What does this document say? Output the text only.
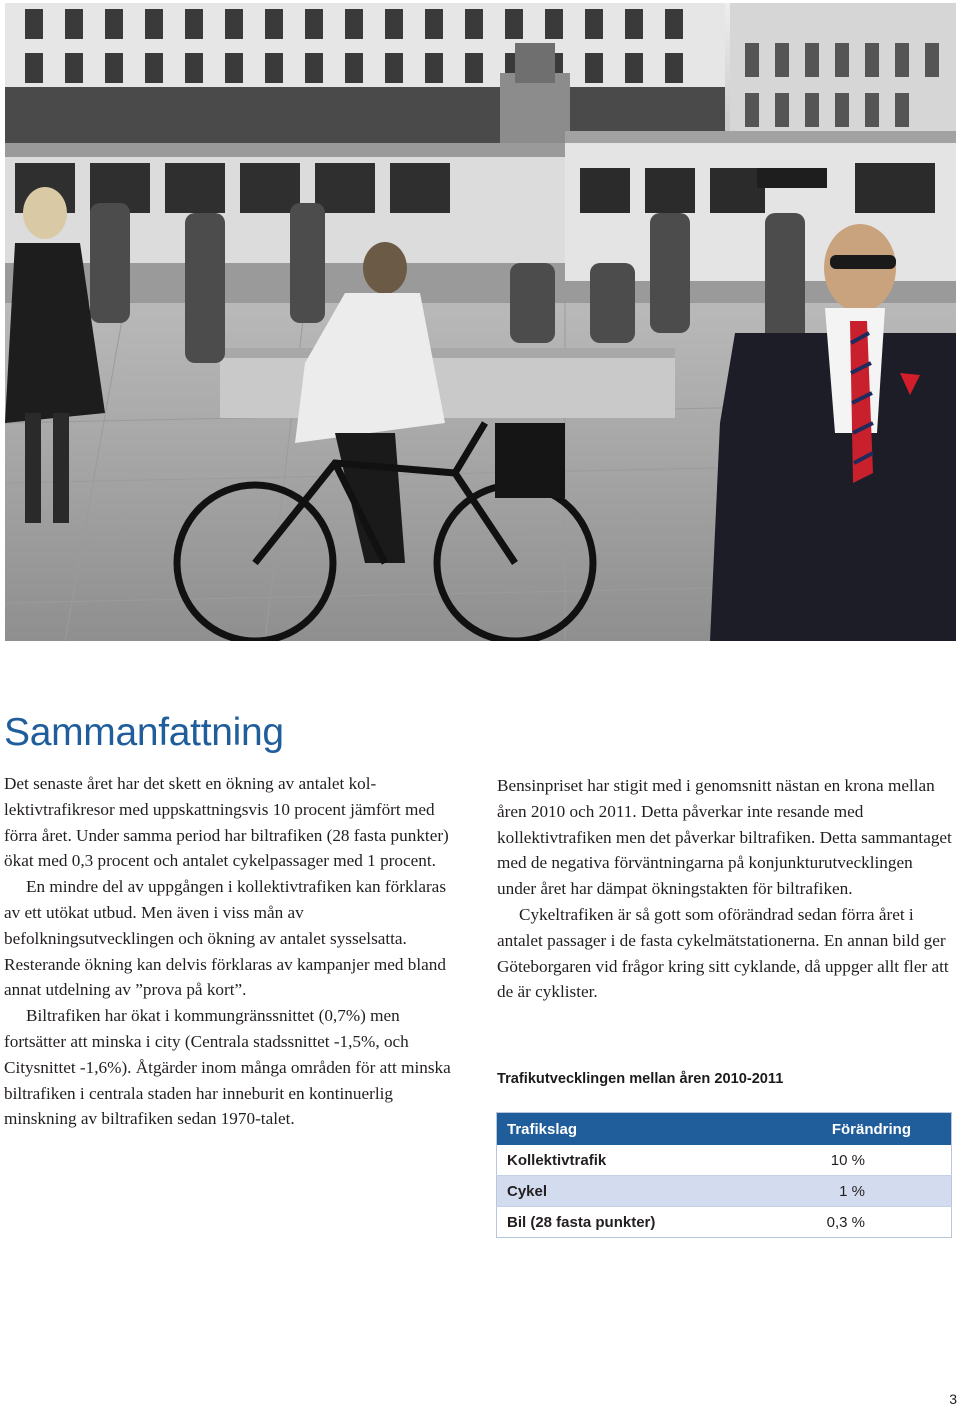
Sammanfattning

Det senaste året har det skett en ökning av antalet kollektivtrafikresor med uppskattningsvis 10 procent jämfört med förra året. Under samma period har biltrafiken (28 fasta punkter) ökat med 0,3 procent och antalet cykelpassager med 1 procent.

En mindre del av uppgången i kollektivtrafiken kan förklaras av ett utökat utbud. Men även i viss mån av befolkningsutvecklingen och ökning av antalet sysselsatta. Resterande ökning kan delvis förklaras av kampanjer med bland annat utdelning av ”prova på kort”.

Biltrafiken har ökat i kommungränssnittet (0,7%) men fortsätter att minska i city (Centrala stadssnittet -1,5%, och Citysnittet -1,6%). Åtgärder inom många områden för att minska biltrafiken i centrala staden har inneburit en kontinuerlig minskning av biltrafiken sedan 1970-talet.

Bensinpriset har stigit med i genomsnitt nästan en krona mellan åren 2010 och 2011. Detta påverkar inte resande med kollektivtrafiken men det påverkar biltrafiken. Detta sammantaget med de negativa förväntningarna på konjunkturutvecklingen under året har dämpat ökningstakten för biltrafiken.

Cykeltrafiken är så gott som oförändrad sedan förra året i antalet passager i de fasta cykelmätstationerna. En annan bild ger Göteborgaren vid frågor kring sitt cyklande, då uppger allt fler att de är cyklister.

Trafikutvecklingen mellan åren 2010-2011
Trafikslag	Förändring
Kollektivtrafik	10 %
Cykel	1 %
Bil (28 fasta punkter)	0,3 %
3
